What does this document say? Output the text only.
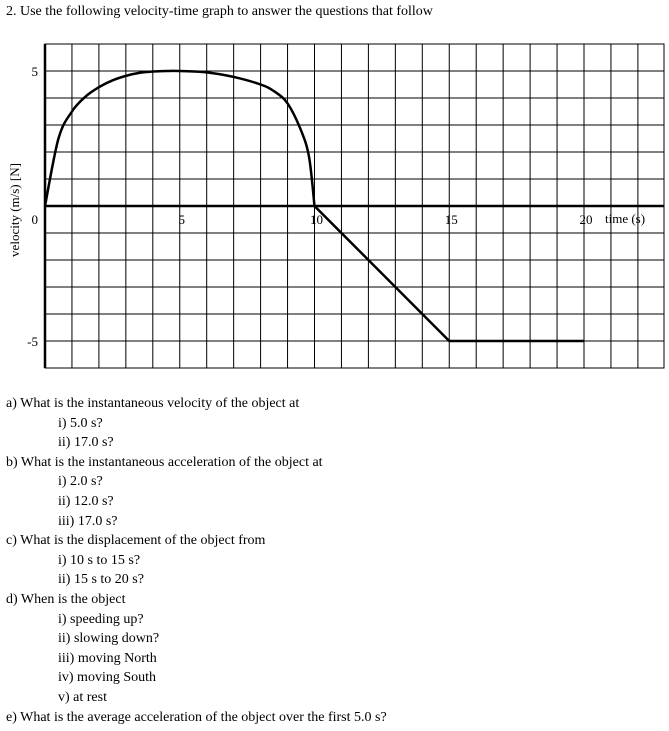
2. Use the following velocity-time graph to answer the questions that follow
5	10	15	20
5
0
-5
time (s)
velocity (m/s) [N]

a) What is the instantaneous velocity of the object at

i) 5.0 s?

ii) 17.0 s?

b) What is the instantaneous acceleration of the object at

i) 2.0 s?

ii) 12.0 s?

iii) 17.0 s?

c) What is the displacement of the object from

i) 10 s to 15 s?

ii) 15 s to 20 s?

d) When is the object

i) speeding up?

ii) slowing down?

iii) moving North

iv) moving South

v) at rest

e) What is the average acceleration of the object over the first 5.0 s?
